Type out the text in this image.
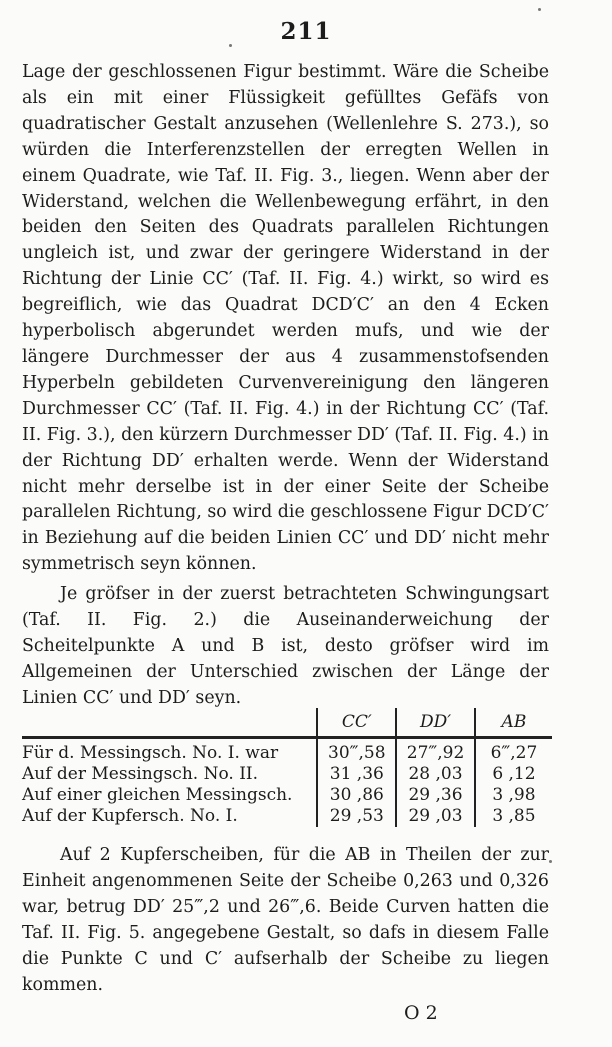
211

Lage der geschlossenen Figur bestimmt. Wäre die Scheibe als ein mit einer Flüssigkeit gefülltes Gefäfs von quadratischer Gestalt anzusehen (Wellenlehre S. 273.), so würden die Interferenzstellen der erregten Wellen in einem Quadrate, wie Taf. II. Fig. 3., liegen. Wenn aber der Widerstand, welchen die Wellenbewegung erfährt, in den beiden den Seiten des Quadrats parallelen Richtungen ungleich ist, und zwar der geringere Widerstand in der Richtung der Linie CC′ (Taf. II. Fig. 4.) wirkt, so wird es begreiflich, wie das Quadrat DCD′C′ an den 4 Ecken hyperbolisch abgerundet werden mufs, und wie der längere Durchmesser der aus 4 zusammenstofsenden Hyperbeln gebildeten Curvenvereinigung den längeren Durchmesser CC′ (Taf. II. Fig. 4.) in der Richtung CC′ (Taf. II. Fig. 3.), den kürzern Durchmesser DD′ (Taf. II. Fig. 4.) in der Richtung DD′ erhalten werde. Wenn der Widerstand nicht mehr derselbe ist in der einer Seite der Scheibe parallelen Richtung, so wird die geschlossene Figur DCD′C′ in Beziehung auf die beiden Linien CC′ und DD′ nicht mehr symmetrisch seyn können.

Je gröfser in der zuerst betrachteten Schwingungsart (Taf. II. Fig. 2.) die Auseinanderweichung der Scheitelpunkte A und B ist, desto gröfser wird im Allgemeinen der Unterschied zwischen der Länge der Linien CC′ und DD′ seyn.

	CC′	DD′	AB
Für d. Messingsch. No. I. war	30‴,58	27‴,92	6‴,27
Auf der Messingsch. No. II.	31 ,36	28 ,03	6 ,12
Auf einer gleichen Messingsch.	30 ,86	29 ,36	3 ,98
Auf der Kupfersch. No. I.	29 ,53	29 ,03	3 ,85

Auf 2 Kupferscheiben, für die AB in Theilen der zur Einheit angenommenen Seite der Scheibe 0,263 und 0,326 war, betrug DD′ 25‴,2 und 26‴,6. Beide Curven hatten die Taf. II. Fig. 5. angegebene Gestalt, so dafs in diesem Falle die Punkte C und C′ aufserhalb der Scheibe zu liegen kommen.

O 2
